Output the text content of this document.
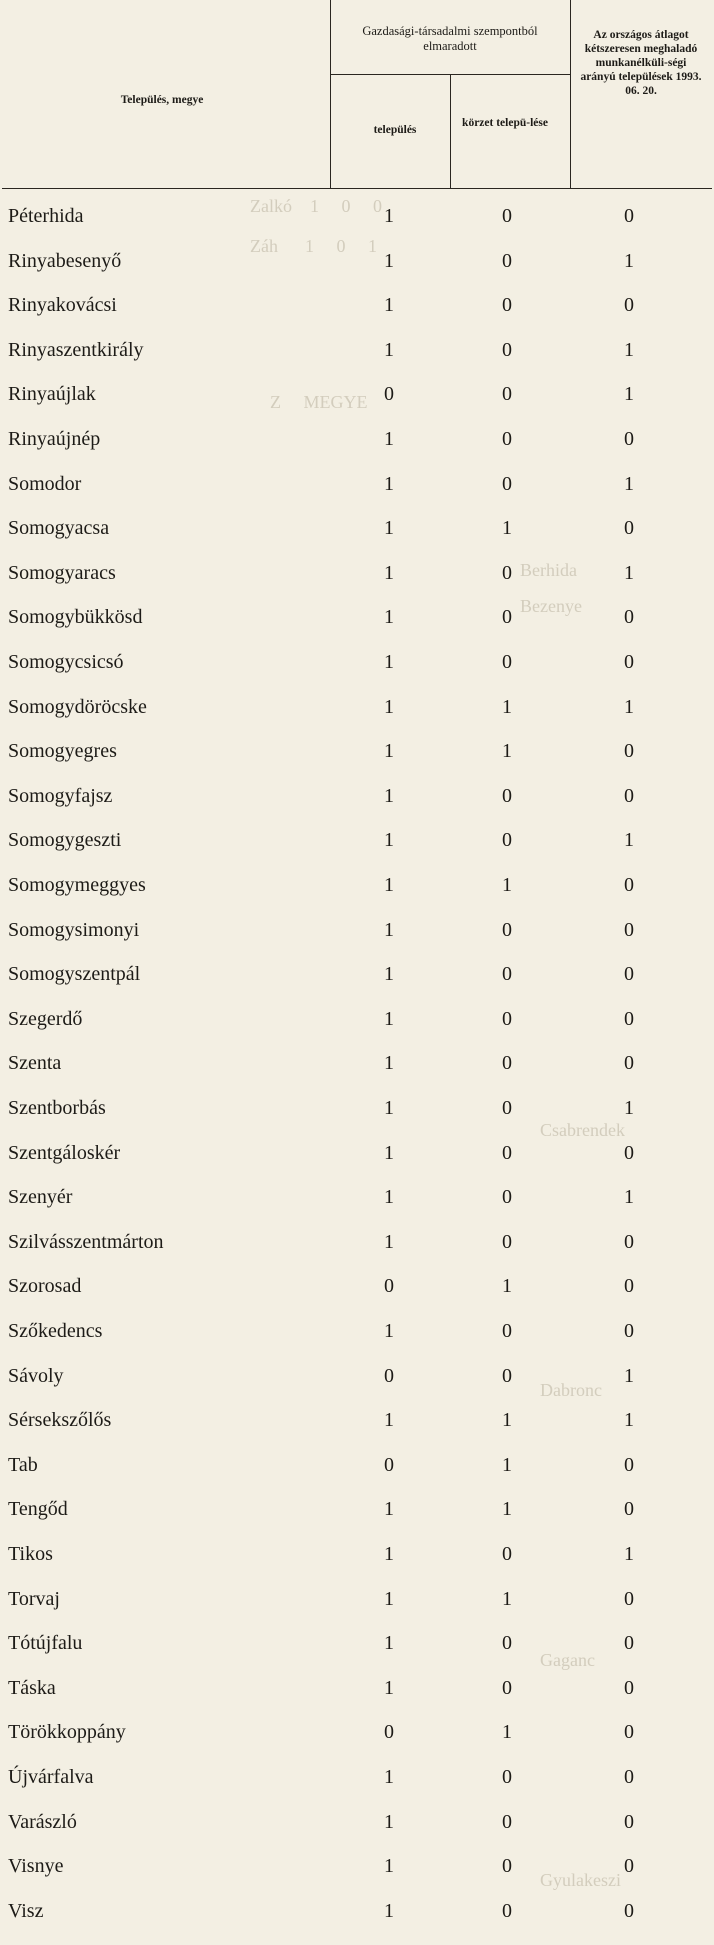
Zalkó    1     0     0
Záh      1     0     1
Z     MEGYE
Berhida
Bezenye
Csabrendek
Dabronc
Gaganc
Gyulakeszi
Település, megye
Gazdasági-társadalmi szempontból elmaradott
település
körzet telepü-lése
Az országos átlagot kétszeresen meghaladó munkanélküli-ségi arányú települések 1993. 06. 20.
Péterhida	1	0	0
Rinyabesenyő	1	0	1
Rinyakovácsi	1	0	0
Rinyaszentkirály	1	0	1
Rinyaújlak	0	0	1
Rinyaújnép	1	0	0
Somodor	1	0	1
Somogyacsa	1	1	0
Somogyaracs	1	0	1
Somogybükkösd	1	0	0
Somogycsicsó	1	0	0
Somogydöröcske	1	1	1
Somogyegres	1	1	0
Somogyfajsz	1	0	0
Somogygeszti	1	0	1
Somogymeggyes	1	1	0
Somogysimonyi	1	0	0
Somogyszentpál	1	0	0
Szegerdő	1	0	0
Szenta	1	0	0
Szentborbás	1	0	1
Szentgáloskér	1	0	0
Szenyér	1	0	1
Szilvásszentmárton	1	0	0
Szorosad	0	1	0
Szőkedencs	1	0	0
Sávoly	0	0	1
Sérsekszőlős	1	1	1
Tab	0	1	0
Tengőd	1	1	0
Tikos	1	0	1
Torvaj	1	1	0
Tótújfalu	1	0	0
Táska	1	0	0
Törökkoppány	0	1	0
Újvárfalva	1	0	0
Varászló	1	0	0
Visnye	1	0	0
Visz	1	0	0
